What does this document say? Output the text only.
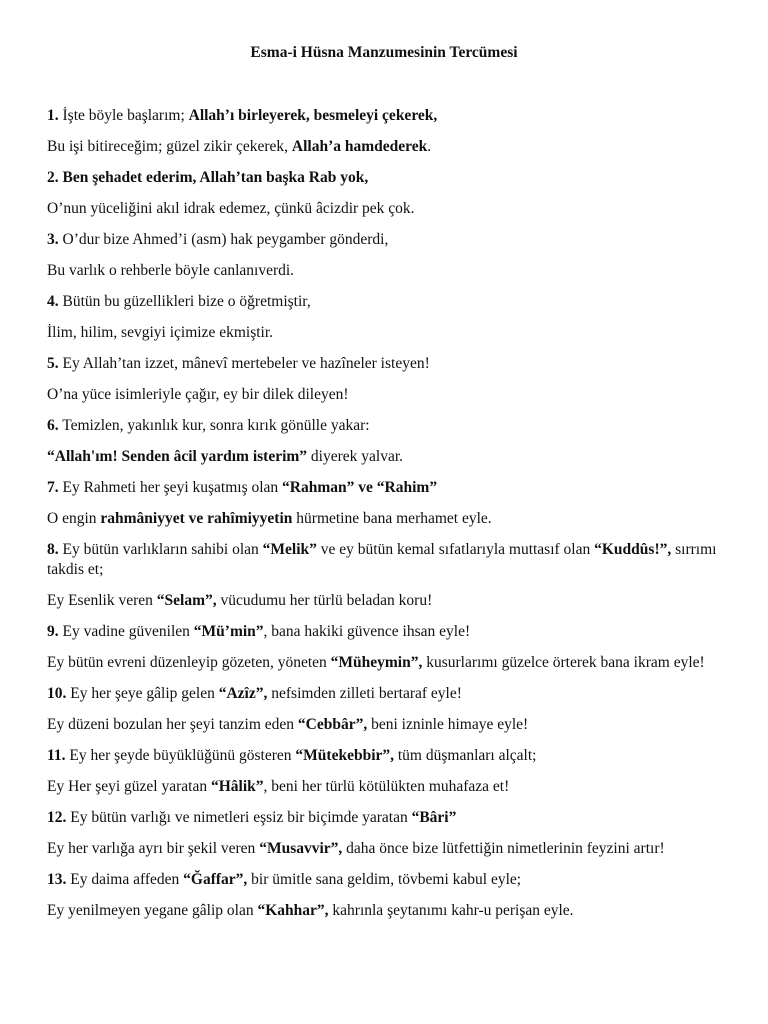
Esma-i Hüsna Manzumesinin Tercümesi

1. İşte böyle başlarım; Allah’ı birleyerek, besmeleyi çekerek,

Bu işi bitireceğim; güzel zikir çekerek, Allah’a hamdederek.

2. Ben şehadet ederim, Allah’tan başka Rab yok,

O’nun yüceliğini akıl idrak edemez, çünkü âcizdir pek çok.

3. O’dur bize Ahmed’i (asm) hak peygamber gönderdi,

Bu varlık o rehberle böyle canlanıverdi.

4. Bütün bu güzellikleri bize o öğretmiştir,

İlim, hilim, sevgiyi içimize ekmiştir.

5. Ey Allah’tan izzet, mânevî mertebeler ve hazîneler isteyen!

O’na yüce isimleriyle çağır, ey bir dilek dileyen!

6. Temizlen, yakınlık kur, sonra kırık gönülle yakar:

“Allah'ım! Senden âcil yardım isterim” diyerek yalvar.

7. Ey Rahmeti her şeyi kuşatmış olan “Rahman” ve “Rahim”

O engin rahmâniyyet ve rahîmiyyetin hürmetine bana merhamet eyle.

8. Ey bütün varlıkların sahibi olan “Melik” ve ey bütün kemal sıfatlarıyla muttasıf olan “Kuddûs!”, sırrımı takdis et;

Ey Esenlik veren “Selam”, vücudumu her türlü beladan koru!

9. Ey vadine güvenilen “Mü’min”, bana hakiki güvence ihsan eyle!

Ey bütün evreni düzenleyip gözeten, yöneten “Müheymin”, kusurlarımı güzelce örterek bana ikram eyle!

10. Ey her şeye gâlip gelen “Azîz”, nefsimden zilleti bertaraf eyle!

Ey düzeni bozulan her şeyi tanzim eden “Cebbâr”, beni izninle himaye eyle!

11. Ey her şeyde büyüklüğünü gösteren “Mütekebbir”, tüm düşmanları alçalt;

Ey Her şeyi güzel yaratan “Hâlik”, beni her türlü kötülükten muhafaza et!

12. Ey bütün varlığı ve nimetleri eşsiz bir biçimde yaratan “Bâri”

Ey her varlığa ayrı bir şekil veren “Musavvir”, daha önce bize lütfettiğin nimetlerinin feyzini artır!

13. Ey daima affeden “Ğaffar”, bir ümitle sana geldim, tövbemi kabul eyle;

Ey yenilmeyen yegane gâlip olan “Kahhar”, kahrınla şeytanımı kahr-u perişan eyle.
